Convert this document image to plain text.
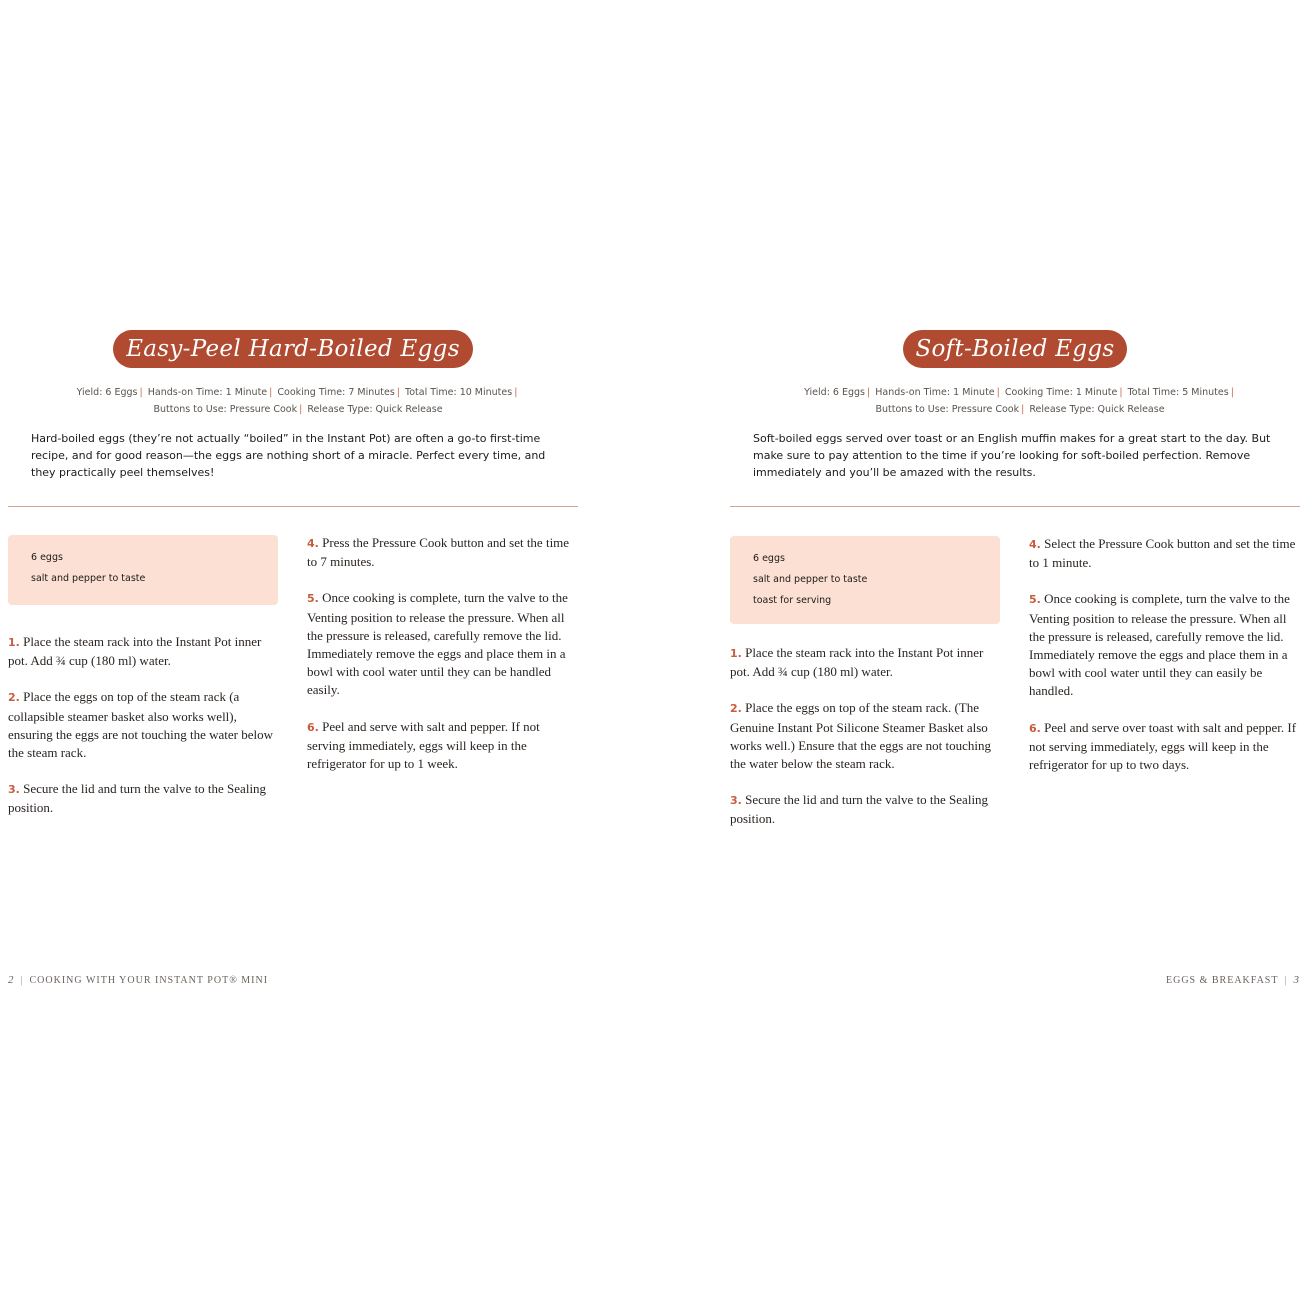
Easy-Peel Hard-Boiled Eggs
Yield: 6 Eggs | Hands-on Time: 1 Minute | Cooking Time: 7 Minutes | Total Time: 10 Minutes |
Buttons to Use: Pressure Cook | Release Type: Quick Release
Hard-boiled eggs (they’re not actually “boiled” in the Instant Pot) are often a go-to first-time recipe, and for good reason—the eggs are nothing short of a miracle. Perfect every time, and they practically peel themselves!
6 eggs
salt and pepper to taste
1. Place the steam rack into the Instant Pot inner pot. Add ¾ cup (180 ml) water.
2. Place the eggs on top of the steam rack (a collapsible steamer basket also works well), ensuring the eggs are not touching the water below the steam rack.
3. Secure the lid and turn the valve to the Sealing position.
4. Press the Pressure Cook button and set the time to 7 minutes.
5. Once cooking is complete, turn the valve to the Venting position to release the pressure. When all the pressure is released, carefully remove the lid. Immediately remove the eggs and place them in a bowl with cool water until they can be handled easily.
6. Peel and serve with salt and pepper. If not serving immediately, eggs will keep in the refrigerator for up to 1 week.
2 | COOKING WITH YOUR INSTANT POT® MINI
Soft-Boiled Eggs
Yield: 6 Eggs | Hands-on Time: 1 Minute | Cooking Time: 1 Minute | Total Time: 5 Minutes |
Buttons to Use: Pressure Cook | Release Type: Quick Release
Soft-boiled eggs served over toast or an English muffin makes for a great start to the day. But make sure to pay attention to the time if you’re looking for soft-boiled perfection. Remove immediately and you’ll be amazed with the results.
6 eggs
salt and pepper to taste
toast for serving
1. Place the steam rack into the Instant Pot inner pot. Add ¾ cup (180 ml) water.
2. Place the eggs on top of the steam rack. (The Genuine Instant Pot Silicone Steamer Basket also works well.) Ensure that the eggs are not touching the water below the steam rack.
3. Secure the lid and turn the valve to the Sealing position.
4. Select the Pressure Cook button and set the time to 1 minute.
5. Once cooking is complete, turn the valve to the Venting position to release the pressure. When all the pressure is released, carefully remove the lid. Immediately remove the eggs and place them in a bowl with cool water until they can easily be handled.
6. Peel and serve over toast with salt and pepper. If not serving immediately, eggs will keep in the refrigerator for up to two days.
EGGS & BREAKFAST | 3
